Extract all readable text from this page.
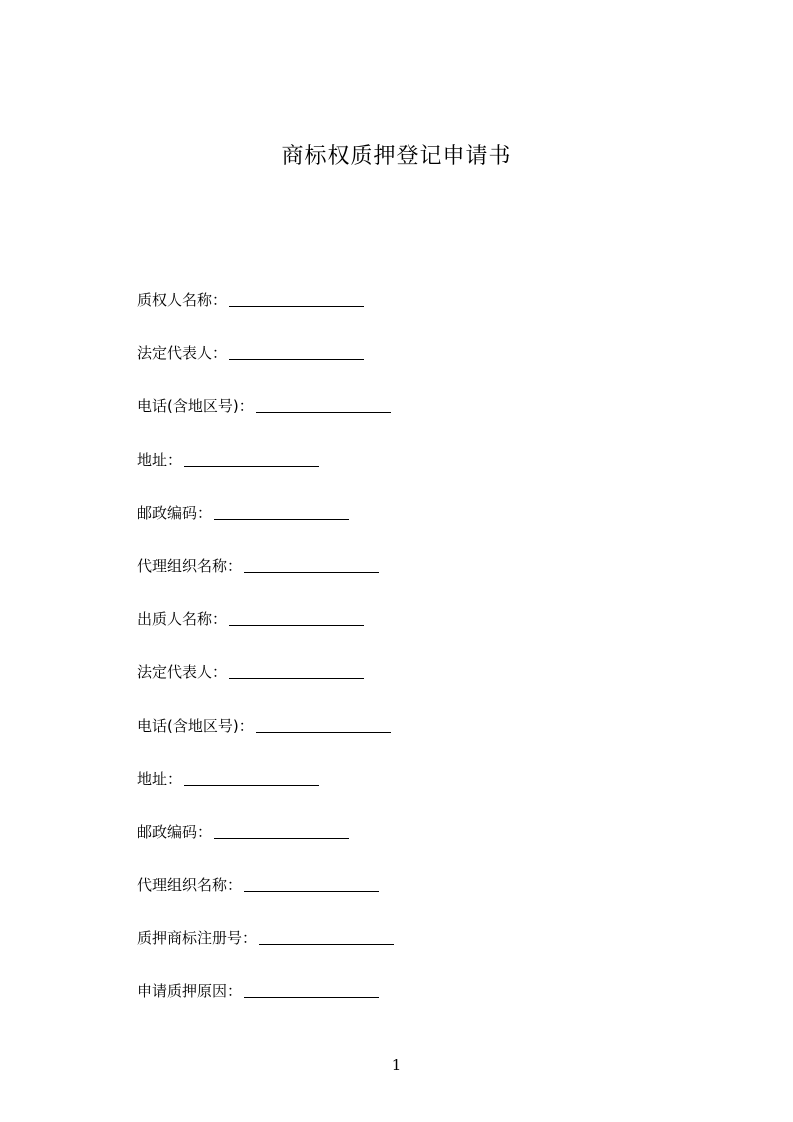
商标权质押登记申请书
质权人名称：
法定代表人：
电话(含地区号)：
地址：
邮政编码：
代理组织名称：
出质人名称：
法定代表人：
电话(含地区号)：
地址：
邮政编码：
代理组织名称：
质押商标注册号：
申请质押原因：
1
